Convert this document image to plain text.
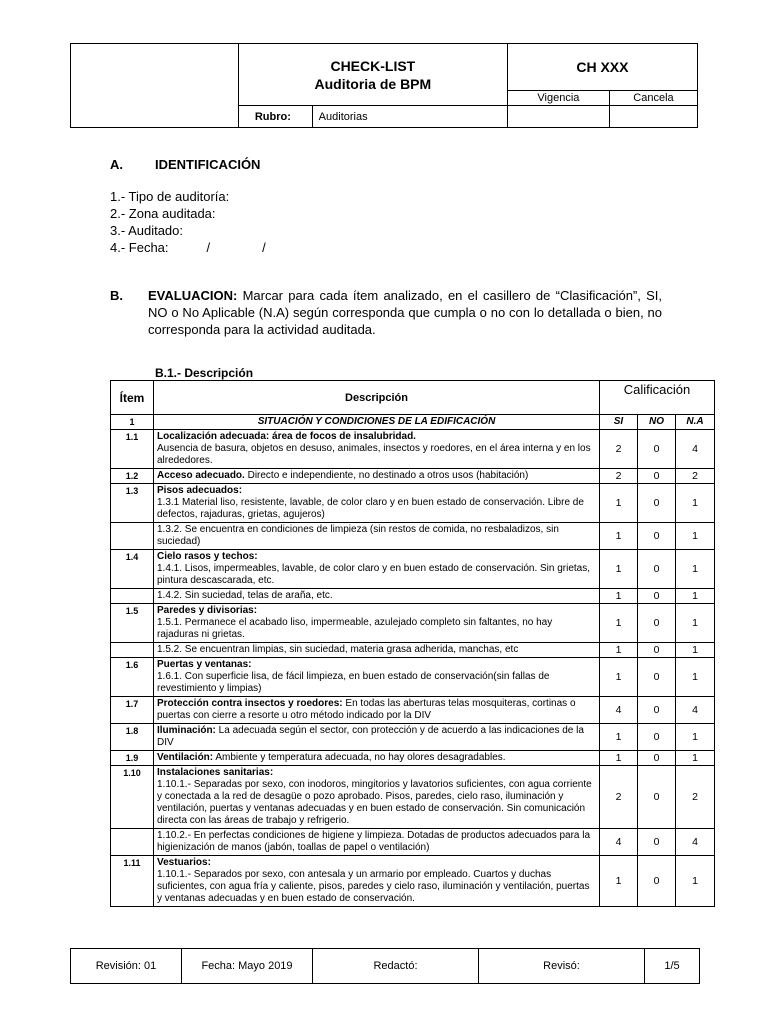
	CHECK-LIST
Auditoria de BPM		CH XXX	
			Vigencia	Cancela
	Rubro:	Auditorias		
A. IDENTIFICACIÓN
1.- Tipo de auditoría:
2.- Zona auditada:
3.- Auditado:
4.- Fecha:	/	/
B.	EVALUACION: Marcar para cada ítem analizado, en el casillero de “Clasificación”, SI, NO o No Aplicable (N.A) según corresponda que cumpla o no con lo detallada o bien, no corresponda para la actividad auditada.
B.1.- Descripción
Ítem	Descripción	Calificación		
1	SITUACIÓN Y CONDICIONES DE LA EDIFICACIÓN	SI	NO	N.A
1.1	Localización adecuada: área de focos de insalubridad.
Ausencia de basura, objetos en desuso, animales, insectos y roedores, en el área interna y en los alrededores.	2	0	4
1.2	Acceso adecuado. Directo e independiente, no destinado a otros usos (habitación)	2	0	2
1.3	Pisos adecuados:
1.3.1 Material liso, resistente, lavable, de color claro y en buen estado de conservación. Libre de defectos, rajaduras, grietas, agujeros)	1	0	1
	1.3.2. Se encuentra en condiciones de limpieza (sin restos de comida, no resbaladizos, sin suciedad)	1	0	1
1.4	Cielo rasos y techos:
1.4.1. Lisos, impermeables, lavable, de color claro y en buen estado de conservación. Sin grietas, pintura descascarada, etc.	1	0	1
	1.4.2. Sin suciedad, telas de araña, etc.	1	0	1
1.5	Paredes y divisorias:
1.5.1. Permanece el acabado liso, impermeable, azulejado completo sin faltantes, no hay rajaduras ni grietas.	1	0	1
	1.5.2. Se encuentran limpias, sin suciedad, materia grasa adherida, manchas, etc	1	0	1
1.6	Puertas y ventanas:
1.6.1. Con superficie lisa, de fácil limpieza, en buen estado de conservación(sin fallas de revestimiento y limpias)	1	0	1
1.7	Protección contra insectos y roedores: En todas las aberturas telas mosquiteras, cortinas o puertas con cierre a resorte u otro método indicado por la DIV	4	0	4
1.8	Iluminación: La adecuada según el sector, con protección y de acuerdo a las indicaciones de la DIV	1	0	1
1.9	Ventilación: Ambiente y temperatura adecuada, no hay olores desagradables.	1	0	1
1.10	Instalaciones sanitarias:
1.10.1.- Separadas por sexo, con inodoros, mingitorios y lavatorios suficientes, con agua corriente y conectada a la red de desagüe o pozo aprobado. Pisos, paredes, cielo raso, iluminación y ventilación, puertas y ventanas adecuadas y en buen estado de conservación. Sin comunicación directa con las áreas de trabajo y refrigerio.	2	0	2
	1.10.2.- En perfectas condiciones de higiene y limpieza. Dotadas de productos adecuados para la higienización de manos (jabón, toallas de papel o ventilación)	4	0	4
1.11	Vestuarios:
1.10.1.- Separados por sexo, con antesala y un armario por empleado. Cuartos y duchas suficientes, con agua fría y caliente, pisos, paredes y cielo raso, iluminación y ventilación, puertas y ventanas adecuadas y en buen estado de conservación.	1	0	1
Revisión: 01	Fecha: Mayo 2019	Redactó:	Revisó:	1/5
